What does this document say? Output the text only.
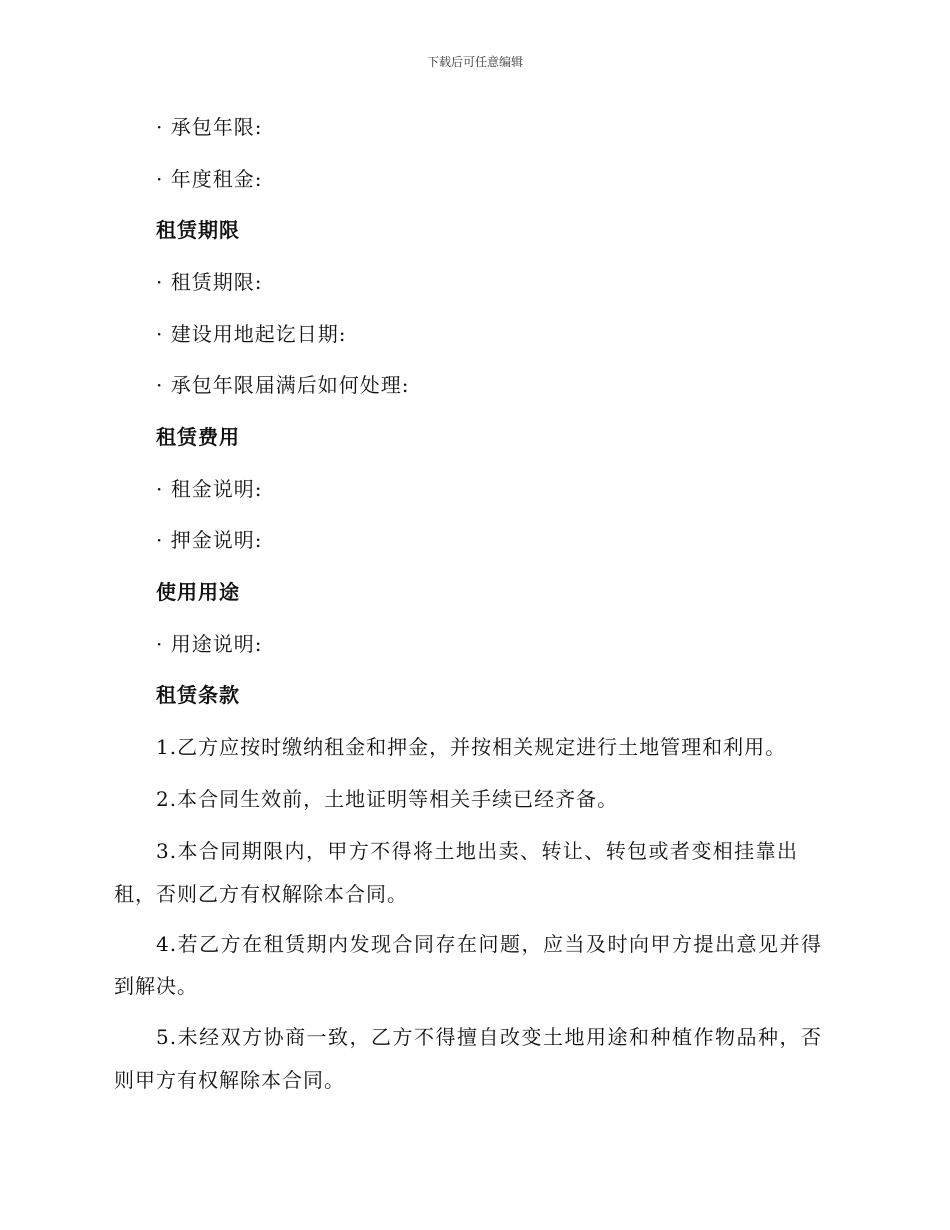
下载后可任意编辑
· 承包年限:
· 年度租金:
租赁期限
· 租赁期限:
· 建设用地起讫日期:
· 承包年限届满后如何处理:
租赁费用
· 租金说明:
· 押金说明:
使用用途
· 用途说明:
租赁条款
1.乙方应按时缴纳租金和押金，并按相关规定进行土地管理和利用。
2.本合同生效前，土地证明等相关手续已经齐备。
3.本合同期限内，甲方不得将土地出卖、转让、转包或者变相挂靠出
租，否则乙方有权解除本合同。
4.若乙方在租赁期内发现合同存在问题，应当及时向甲方提出意见并得
到解决。
5.未经双方协商一致，乙方不得擅自改变土地用途和种植作物品种，否
则甲方有权解除本合同。
